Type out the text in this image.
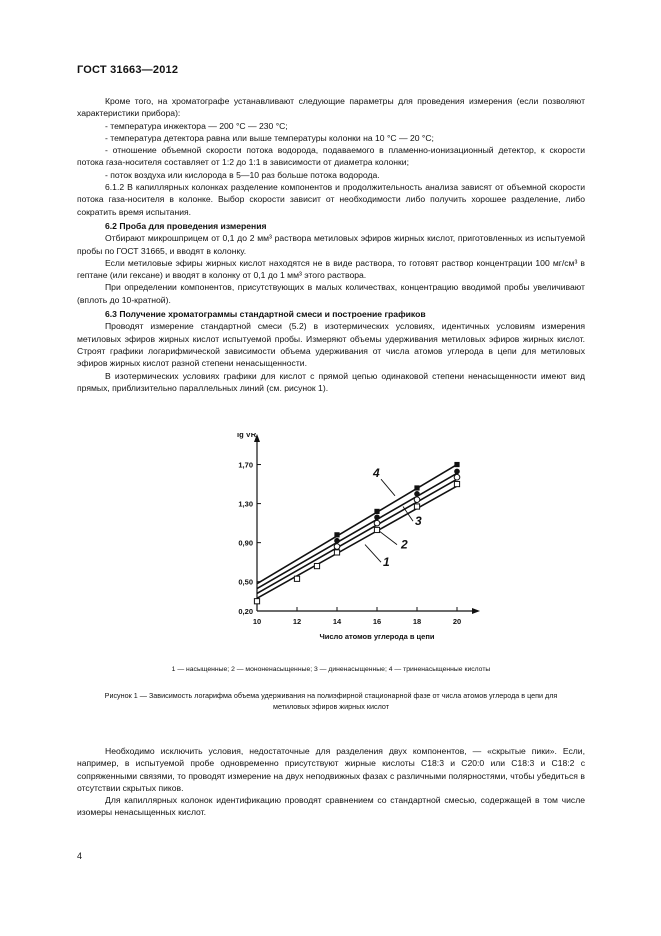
ГОСТ 31663—2012

Кроме того, на хроматографе устанавливают следующие параметры для проведения измерения (если позволяют характеристики прибора):

- температура инжектора — 200 °С — 230 °С;

- температура детектора равна или выше температуры колонки на 10 °С — 20 °С;

- отношение объемной скорости потока водорода, подаваемого в пламенно-ионизационный детектор, к скорости потока газа-носителя составляет от 1:2 до 1:1 в зависимости от диаметра колонки;

- поток воздуха или кислорода в 5—10 раз больше потока водорода.

6.1.2 В капиллярных колонках разделение компонентов и продолжительность анализа зависят от объемной скорости потока газа-носителя в колонке. Выбор скорости зависит от необходимости либо получить хорошее разделение, либо сократить время испытания.

6.2 Проба для проведения измерения

Отбирают микрошприцем от 0,1 до 2 мм³ раствора метиловых эфиров жирных кислот, приготовленных из испытуемой пробы по ГОСТ 31665, и вводят в колонку.

Если метиловые эфиры жирных кислот находятся не в виде раствора, то готовят раствор концентрации 100 мг/см³ в гептане (или гексане) и вводят в колонку от 0,1 до 1 мм³ этого раствора.

При определении компонентов, присутствующих в малых количествах, концентрацию вводимой пробы увеличивают (вплоть до 10-кратной).

6.3 Получение хроматограммы стандартной смеси и построение графиков

Проводят измерение стандартной смеси (5.2) в изотермических условиях, идентичных условиям измерения метиловых эфиров жирных кислот испытуемой пробы. Измеряют объемы удерживания метиловых эфиров жирных кислот. Строят графики логарифмической зависимости объема удерживания от числа атомов углерода в цепи для метиловых эфиров жирных кислот разной степени ненасыщенности.

В изотермических условиях графики для кислот с прямой цепью одинаковой степени ненасыщенности имеют вид прямых, приблизительно параллельных линий (см. рисунок 1).

lg VR
0,20
0,50
0,90
1,30
1,70
10	12	14	16	18	20
Число атомов углерода в цепи
1
2
3
4
1 — насыщенные; 2 — мононенасыщенные; 3 — диненасыщенные; 4 — триненасыщенные кислоты
Рисунок 1 — Зависимость логарифма объема удерживания на полиэфирной стационарной фазе от числа атомов углерода в цепи для метиловых эфиров жирных кислот

Необходимо исключить условия, недостаточные для разделения двух компонентов, — «скрытые пики». Если, например, в испытуемой пробе одновременно присутствуют жирные кислоты C18:3 и C20:0 или C18:3 и C18:2 с сопряженными связями, то проводят измерение на двух неподвижных фазах с различными полярностями, чтобы убедиться в отсутствии скрытых пиков.

Для капиллярных колонок идентификацию проводят сравнением со стандартной смесью, содержащей в том числе изомеры ненасыщенных кислот.

4
